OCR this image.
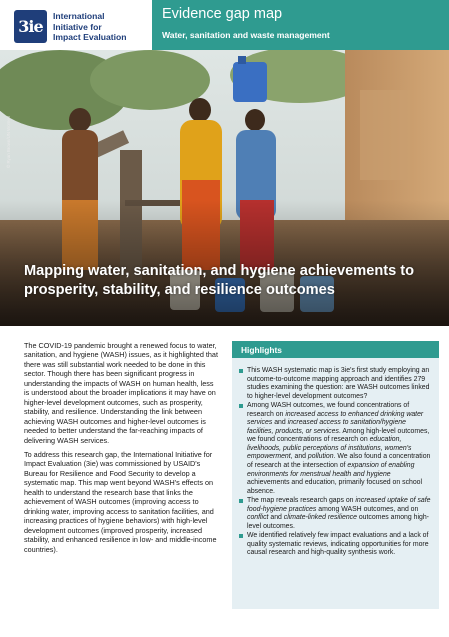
3ie
International
Initiative for
Impact Evaluation
Evidence gap map
Water, sanitation and waste management
© Ryan Brown/UN Women
Mapping water, sanitation, and hygiene achievements to prosperity, stability, and resilience outcomes

The COVID-19 pandemic brought a renewed focus to water, sanitation, and hygiene (WASH) issues, as it highlighted that there was still substantial work needed to be done in this sector. Though there has been significant progress in understanding the impacts of WASH on human health, less is understood about the broader implications it may have on higher-level development outcomes, such as prosperity, stability, and resilience. Understanding the link between achieving WASH outcomes and higher-level outcomes is needed to better understand the far-reaching impacts of delivering WASH services.

To address this research gap, the International Initiative for Impact Evaluation (3ie) was commissioned by USAID's Bureau for Resilience and Food Security to develop a systematic map. This map went beyond WASH's effects on health to understand the research base that links the achievement of WASH outcomes (improving access to drinking water, improving access to sanitation facilities, and increasing practices of hygiene behaviors) with high-level development outcomes (improved prosperity, increased stability, and enhanced resilience in low- and middle-income countries).

Highlights
This WASH systematic map is 3ie's first study employing an outcome-to-outcome mapping approach and identifies 279 studies examining the question: are WASH outcomes linked to higher-level development outcomes?
Among WASH outcomes, we found concentrations of research on increased access to enhanced drinking water services and increased access to sanitation/hygiene facilities, products, or services. Among high-level outcomes, we found concentrations of research on education, livelihoods, public perceptions of institutions, women's empowerment, and pollution. We also found a concentration of research at the intersection of expansion of enabling environments for menstrual health and hygiene achievements and education, primarily focused on school absence.
The map reveals research gaps on increased uptake of safe food-hygiene practices among WASH outcomes, and on conflict and climate-linked resilience outcomes among high-level outcomes.
We identified relatively few impact evaluations and a lack of quality systematic reviews, indicating opportunities for more causal research and high-quality synthesis work.
